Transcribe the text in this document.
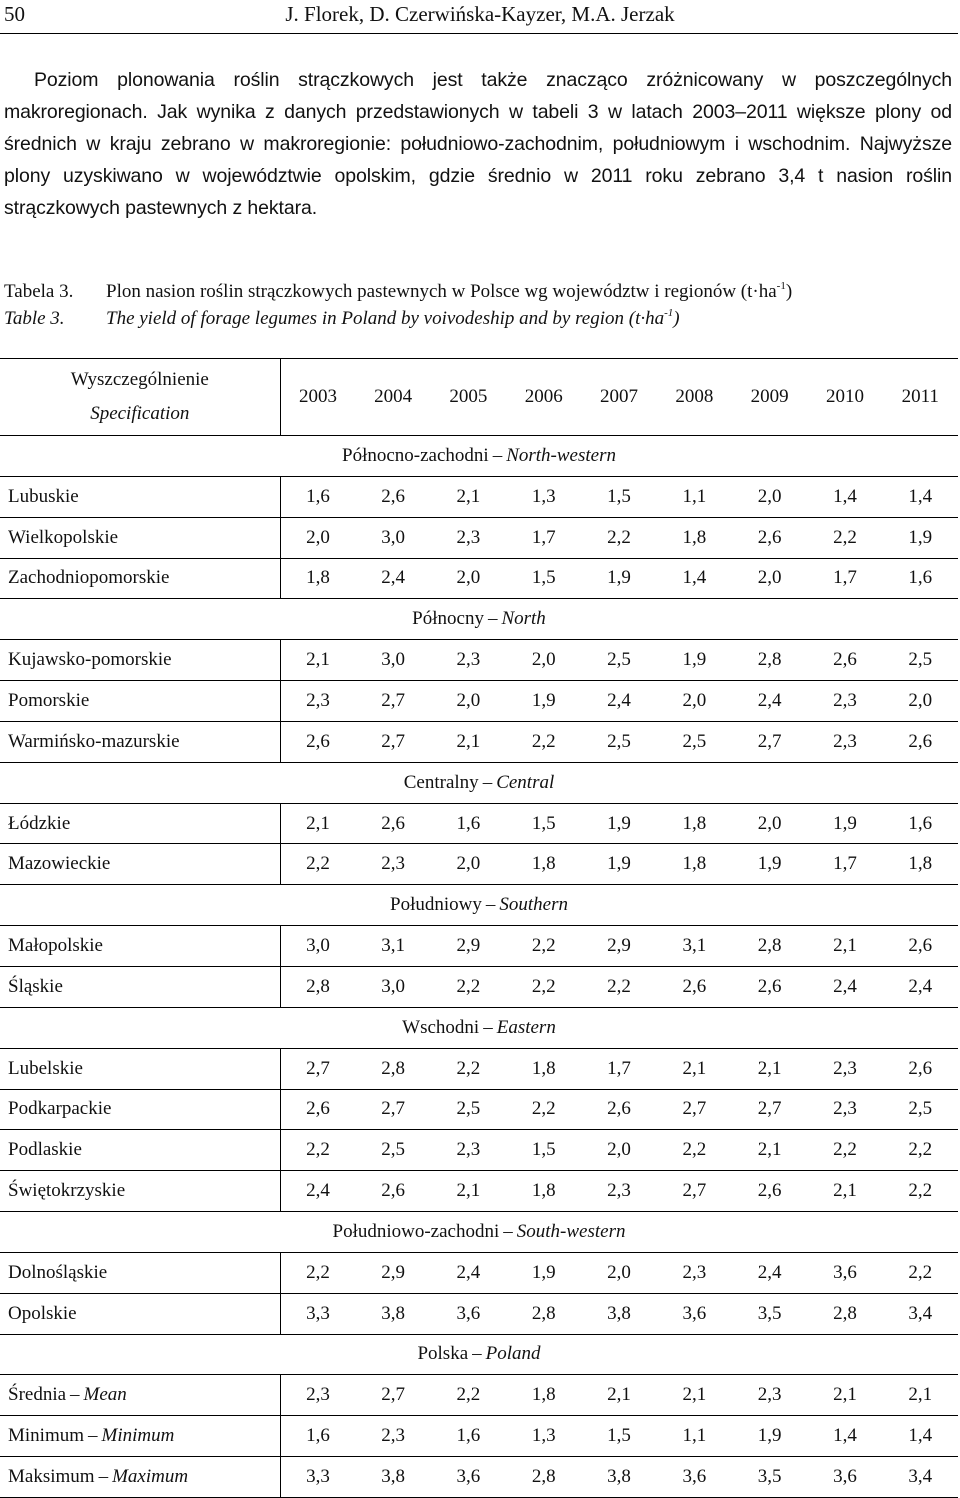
50	J. Florek, D. Czerwińska-Kayzer, M.A. Jerzak

Poziom plonowania roślin strączkowych jest także znacząco zróżnicowany w poszczególnych makroregionach. Jak wynika z danych przedstawionych w tabeli 3 w latach 2003–2011 większe plony od średnich w kraju zebrano w makroregionie: południowo-zachodnim, południowym i wschodnim. Najwyższe plony uzyskiwano w województwie opolskim, gdzie średnio w 2011 roku zebrano 3,4 t nasion roślin strączkowych pastewnych z hektara.

Tabela 3. Plon nasion roślin strączkowych pastewnych w Polsce wg województw i regionów $(t\cdot ha^{-1})$
Table 3. The yield of forage legumes in Poland by voivodeship and by region $(t\cdot ha^{-1})$
Wyszczególnienie
Specification	2003	2004	2005	2006	2007	2008	2009	2010	2011
Północno-zachodni – North-western									
Lubuskie	1,6	2,6	2,1	1,3	1,5	1,1	2,0	1,4	1,4
Wielkopolskie	2,0	3,0	2,3	1,7	2,2	1,8	2,6	2,2	1,9
Zachodniopomorskie	1,8	2,4	2,0	1,5	1,9	1,4	2,0	1,7	1,6
Północny – North									
Kujawsko-pomorskie	2,1	3,0	2,3	2,0	2,5	1,9	2,8	2,6	2,5
Pomorskie	2,3	2,7	2,0	1,9	2,4	2,0	2,4	2,3	2,0
Warmińsko-mazurskie	2,6	2,7	2,1	2,2	2,5	2,5	2,7	2,3	2,6
Centralny – Central									
Łódzkie	2,1	2,6	1,6	1,5	1,9	1,8	2,0	1,9	1,6
Mazowieckie	2,2	2,3	2,0	1,8	1,9	1,8	1,9	1,7	1,8
Południowy – Southern									
Małopolskie	3,0	3,1	2,9	2,2	2,9	3,1	2,8	2,1	2,6
Śląskie	2,8	3,0	2,2	2,2	2,2	2,6	2,6	2,4	2,4
Wschodni – Eastern									
Lubelskie	2,7	2,8	2,2	1,8	1,7	2,1	2,1	2,3	2,6
Podkarpackie	2,6	2,7	2,5	2,2	2,6	2,7	2,7	2,3	2,5
Podlaskie	2,2	2,5	2,3	1,5	2,0	2,2	2,1	2,2	2,2
Świętokrzyskie	2,4	2,6	2,1	1,8	2,3	2,7	2,6	2,1	2,2
Południowo-zachodni – South-western									
Dolnośląskie	2,2	2,9	2,4	1,9	2,0	2,3	2,4	3,6	2,2
Opolskie	3,3	3,8	3,6	2,8	3,8	3,6	3,5	2,8	3,4
Polska – Poland									
Średnia – Mean	2,3	2,7	2,2	1,8	2,1	2,1	2,3	2,1	2,1
Minimum – Minimum	1,6	2,3	1,6	1,3	1,5	1,1	1,9	1,4	1,4
Maksimum – Maximum	3,3	3,8	3,6	2,8	3,8	3,6	3,5	3,6	3,4
